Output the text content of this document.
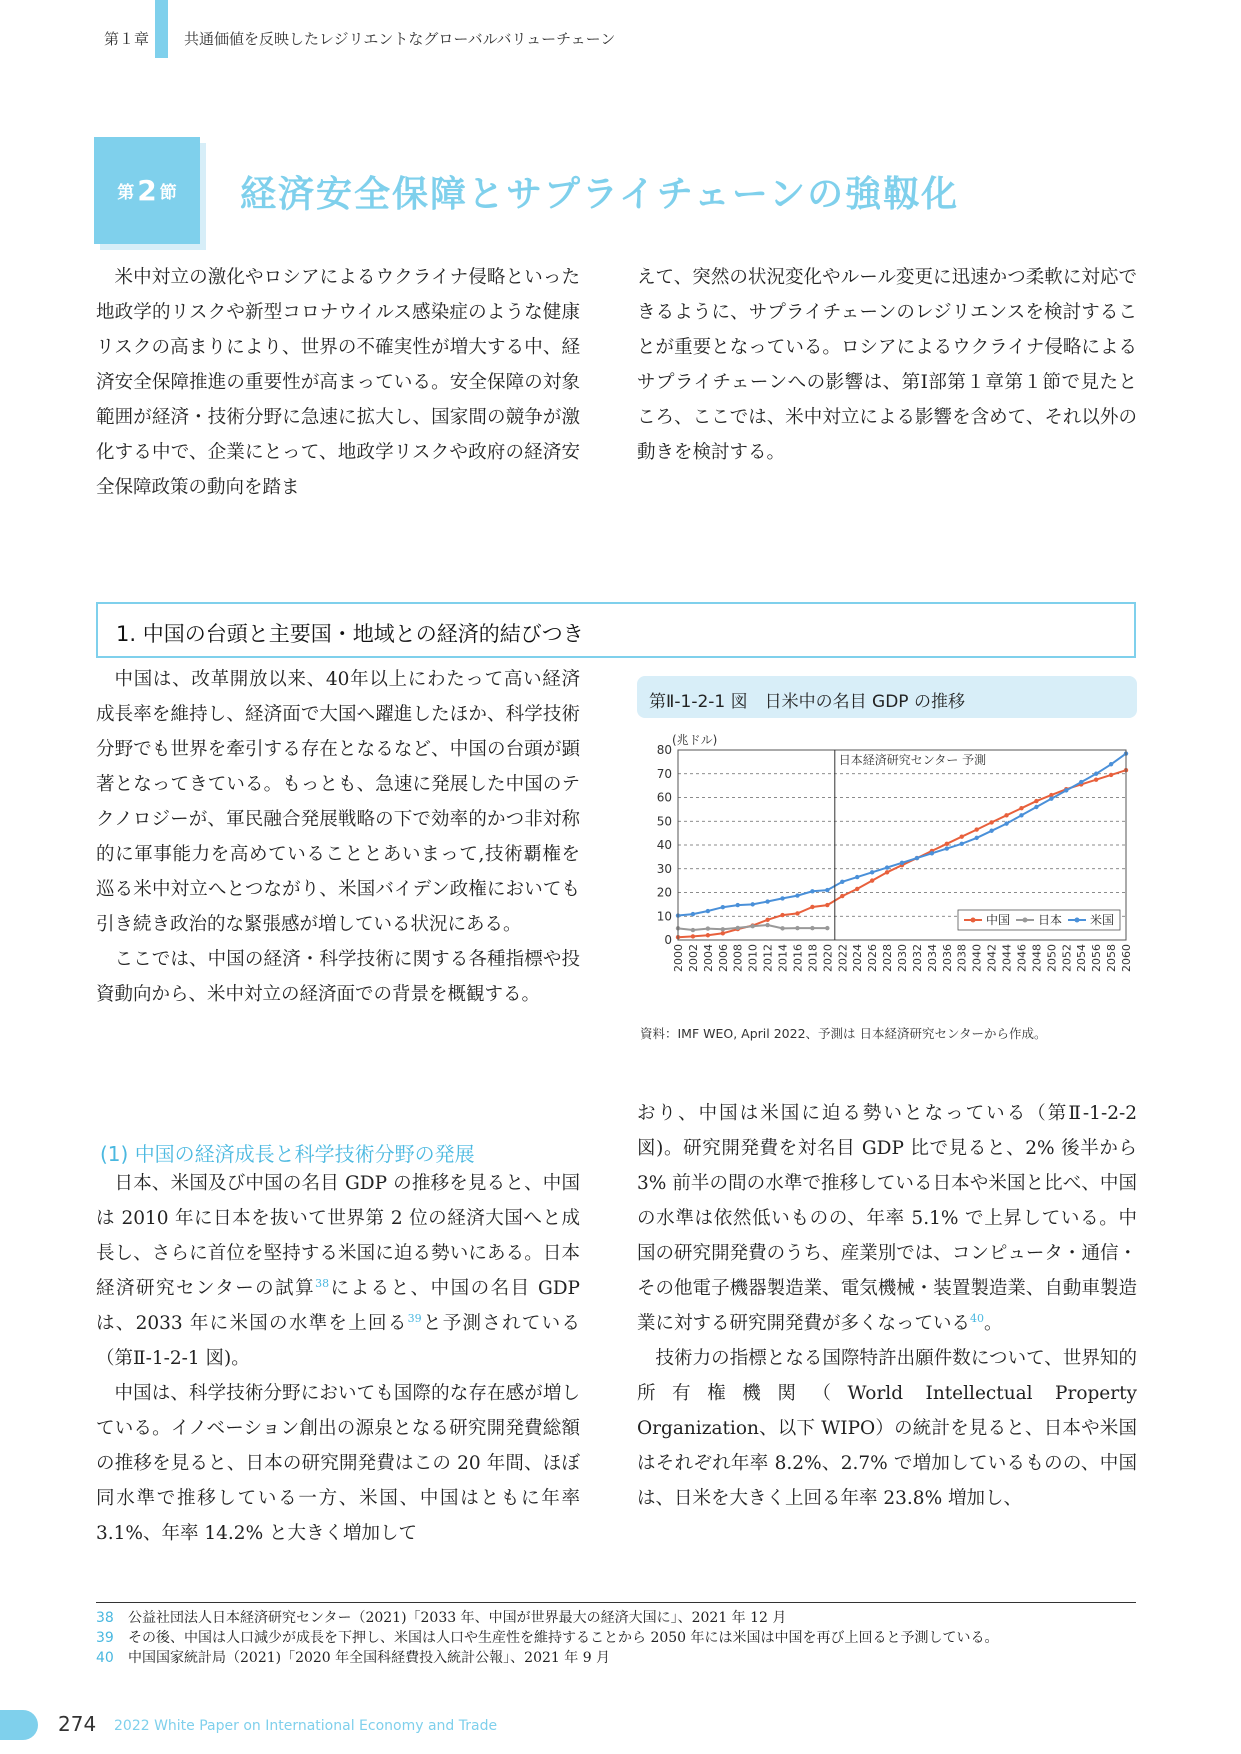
第１章 共通価値を反映したレジリエントなグローバルバリューチェーン
第 2 節 経済安全保障とサプライチェーンの強靱化

米中対立の激化やロシアによるウクライナ侵略といった地政学的リスクや新型コロナウイルス感染症のような健康リスクの高まりにより、世界の不確実性が増大する中、経済安全保障推進の重要性が高まっている。安全保障の対象範囲が経済・技術分野に急速に拡大し、国家間の競争が激化する中で、企業にとって、地政学リスクや政府の経済安全保障政策の動向を踏ま

えて、突然の状況変化やルール変更に迅速かつ柔軟に対応できるように、サプライチェーンのレジリエンスを検討することが重要となっている。ロシアによるウクライナ侵略によるサプライチェーンへの影響は、第Ⅰ部第１章第１節で見たところ、ここでは、米中対立による影響を含めて、それ以外の動きを検討する。

1. 中国の台頭と主要国・地域との経済的結びつき

中国は、改革開放以来、40年以上にわたって高い経済成長率を維持し、経済面で大国へ躍進したほか、科学技術分野でも世界を牽引する存在となるなど、中国の台頭が顕著となってきている。もっとも、急速に発展した中国のテクノロジーが、軍民融合発展戦略の下で効率的かつ非対称的に軍事能力を高めていることとあいまって,技術覇権を巡る米中対立へとつながり、米国バイデン政権においても引き続き政治的な緊張感が増している状況にある。

ここでは、中国の経済・科学技術に関する各種指標や投資動向から、米中対立の経済面での背景を概観する。

(1) 中国の経済成長と科学技術分野の発展

日本、米国及び中国の名目 GDP の推移を見ると、中国は 2010 年に日本を抜いて世界第 2 位の経済大国へと成長し、さらに首位を堅持する米国に迫る勢いにある。日本経済研究センターの試算$^{38}$によると、中国の名目 GDP は、2033 年に米国の水準を上回る$^{39}$と予測されている（第Ⅱ-1-2-1 図)。

中国は、科学技術分野においても国際的な存在感が増している。イノベーション創出の源泉となる研究開発費総額の推移を見ると、日本の研究開発費はこの 20 年間、ほぼ同水準で推移している一方、米国、中国はともに年率 3.1%、年率 14.2% と大きく増加して

第Ⅱ-1-2-1 図　日米中の名目 GDP の推移
(兆ドル)
80
70
60
50
40
30
20
10
0
2000 2002 2004 2006 2008 2010 2012 2014 2016 2018 2020 2022 2024 2026 2028 2030 2032 2034 2036 2038 2040 2042 2044 2046 2048 2050 2052 2054 2056 2058 2060
日本経済研究センター 予測
中国 日本 米国
資料：IMF WEO, April 2022、予測は 日本経済研究センターから作成。

おり、中国は米国に迫る勢いとなっている（第Ⅱ-1-2-2 図)。研究開発費を対名目 GDP 比で見ると、2% 後半から 3% 前半の間の水準で推移している日本や米国と比べ、中国の水準は依然低いものの、年率 5.1% で上昇している。中国の研究開発費のうち、産業別では、コンピュータ・通信・その他電子機器製造業、電気機械・装置製造業、自動車製造業に対する研究開発費が多くなっている$^{40}$。

技術力の指標となる国際特許出願件数について、世界知的所有権機関（World Intellectual Property Organization、以下 WIPO）の統計を見ると、日本や米国はそれぞれ年率 8.2%、2.7% で増加しているものの、中国は、日米を大きく上回る年率 23.8% 増加し、

38	公益社団法人日本経済研究センター（2021)「2033 年、中国が世界最大の経済大国に」、2021 年 12 月
39	その後、中国は人口減少が成長を下押し、米国は人口や生産性を維持することから 2050 年には米国は中国を再び上回ると予測している。
40	中国国家統計局（2021)「2020 年全国科経費投入統計公報」、2021 年 9 月
274 2022 White Paper on International Economy and Trade
